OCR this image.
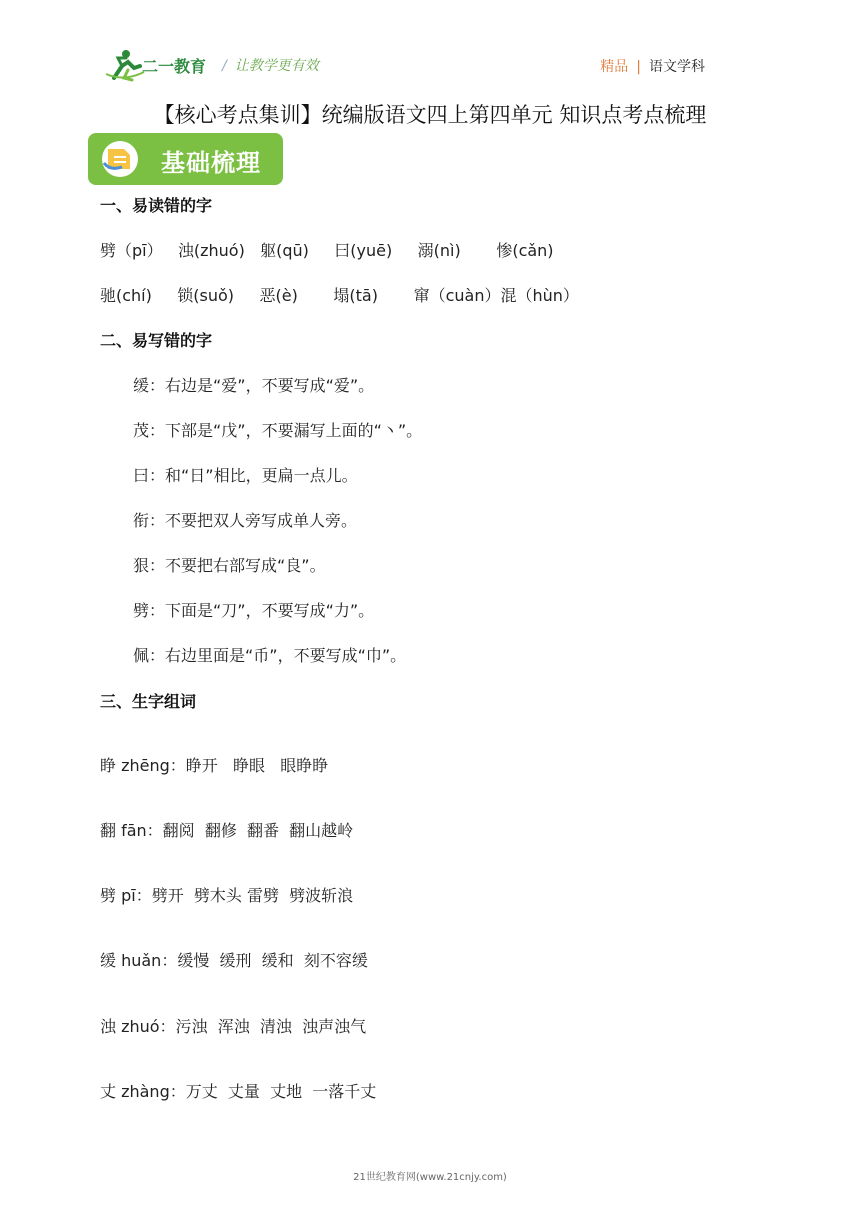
二一教育 / 让教学更有效	精品 | 语文学科
【核心考点集训】统编版语文四上第四单元 知识点考点梳理
基础梳理
一、易读错的字
劈（pī）   浊(zhuó)   躯(qū)     曰(yuē)     溺(nì)       惨(cǎn)
驰(chí)     锁(suǒ)     恶(è)       塌(tā)       窜（cuàn）混（hùn）
二、易写错的字
缓：右边是“爱”，不要写成“爱”。
茂：下部是“戊”，不要漏写上面的“丶”。
曰：和“日”相比，更扁一点儿。
衔：不要把双人旁写成单人旁。
狠：不要把右部写成“良”。
劈：下面是“刀”，不要写成“力”。
佩：右边里面是“币”，不要写成“巾”。
三、生字组词
睁 zhēng：睁开   睁眼   眼睁睁
翻 fān：翻阅  翻修  翻番  翻山越岭
劈 pī：劈开  劈木头 雷劈  劈波斩浪
缓 huǎn：缓慢  缓刑  缓和  刻不容缓
浊 zhuó：污浊  浑浊  清浊  浊声浊气
丈 zhàng：万丈  丈量  丈地  一落千丈
21世纪教育网(www.21cnjy.com)
